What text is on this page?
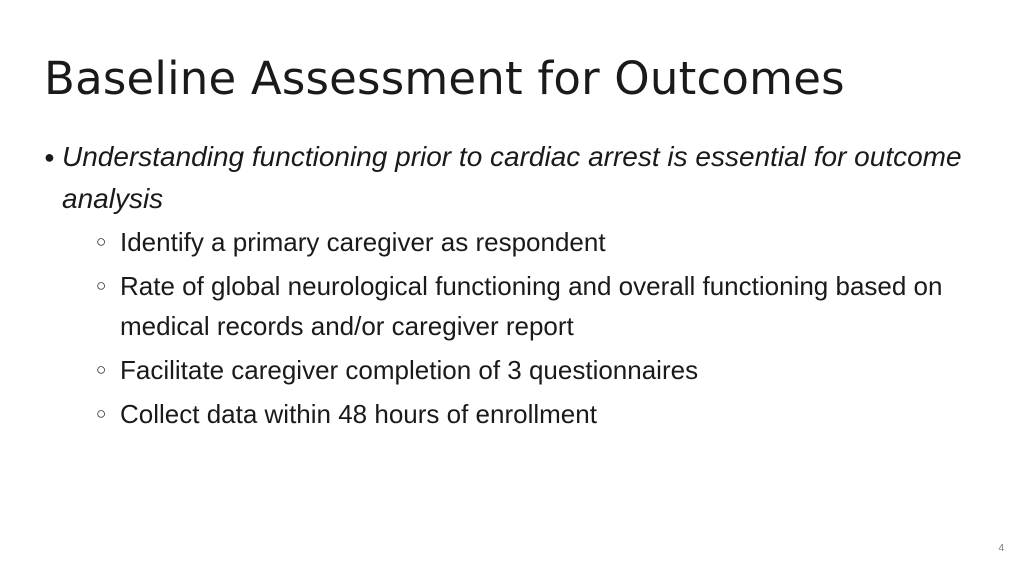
Baseline Assessment for Outcomes
● Understanding functioning prior to cardiac arrest is essential for outcome analysis
○ Identify a primary caregiver as respondent
○ Rate of global neurological functioning and overall functioning based on medical records and/or caregiver report
○ Facilitate caregiver completion of 3 questionnaires
○ Collect data within 48 hours of enrollment
4
